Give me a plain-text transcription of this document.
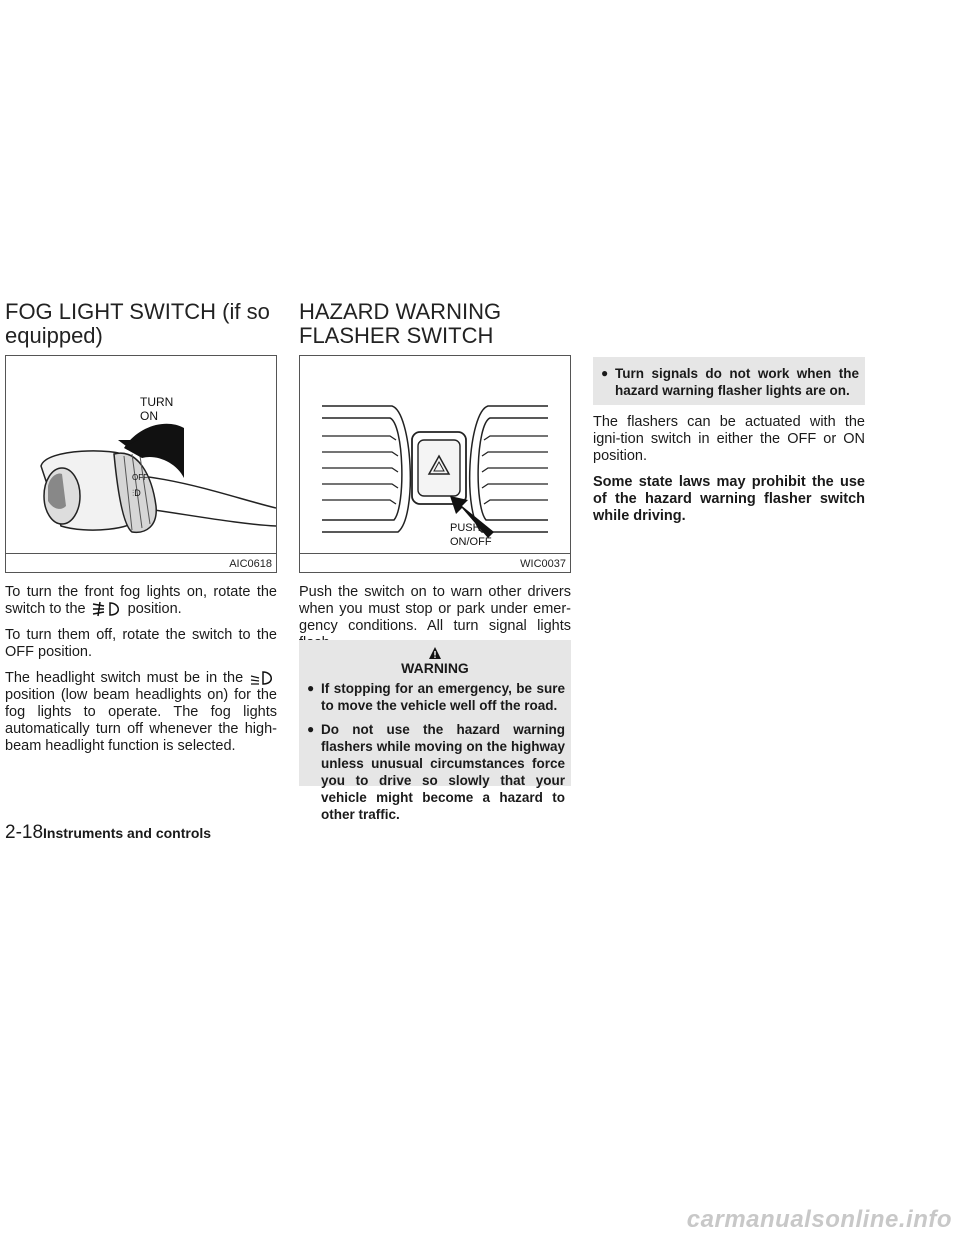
FOG LIGHT SWITCH (if so equipped)
TURN
ON
OFF
⫶D
AIC0618

To turn the front fog lights on, rotate the switch to the	position.

To turn them off, rotate the switch to the OFF position.

The headlight switch must be in the  position (low beam headlights on) for the fog lights to operate. The fog lights automatically turn off whenever the high-beam headlight function is selected.

HAZARD WARNING FLASHER SWITCH
PUSH
ON/OFF
WIC0037

Push the switch on to warn other drivers when you must stop or park under emer-gency conditions. All turn signal lights

WARNING
● If stopping for an emergency, be sure to move the vehicle well off the road.
● Do not use the hazard warning flashers while moving on the highway unless unusual circumstances force you to drive so slowly that your vehicle might become a hazard to other traffic.
● Turn signals do not work when the hazard warning flasher lights are on.

The flashers can be actuated with the igni-tion switch in either the OFF or ON position.

Some state laws may prohibit the use of the hazard warning flasher switch while driving.

2-18Instruments and controls
carmanualsonline.info
